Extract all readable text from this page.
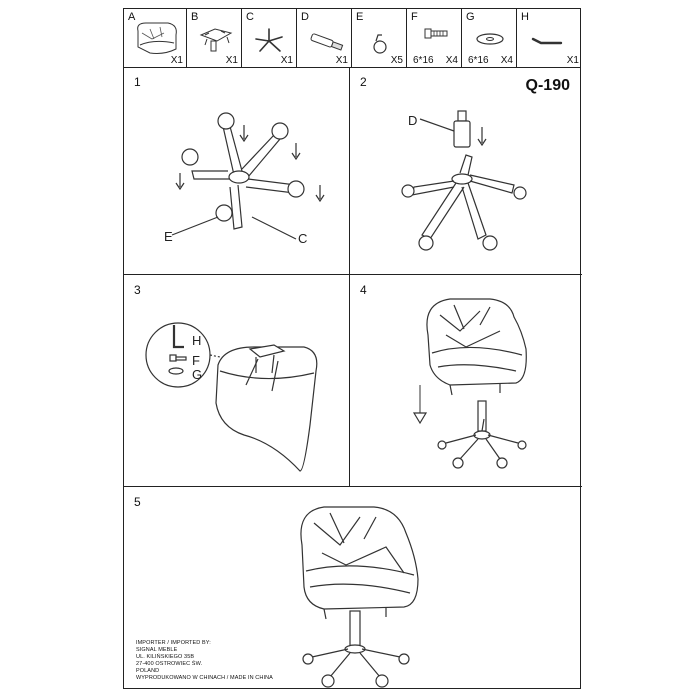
A
X1
B
X1
C
X1
D
X1
E
X5
F
6*16 X4
G
6*16 X4
H
X1
1
E	C
2	Q-190
D
3
H
F
G
4
5
IMPORTER / IMPORTED BY:
SIGNAL MEBLE
UL. KILIŃSKIEGO 35B
27-400 OSTROWIEC ŚW.
POLAND
WYPRODUKOWANO W CHINACH / MADE IN CHINA
